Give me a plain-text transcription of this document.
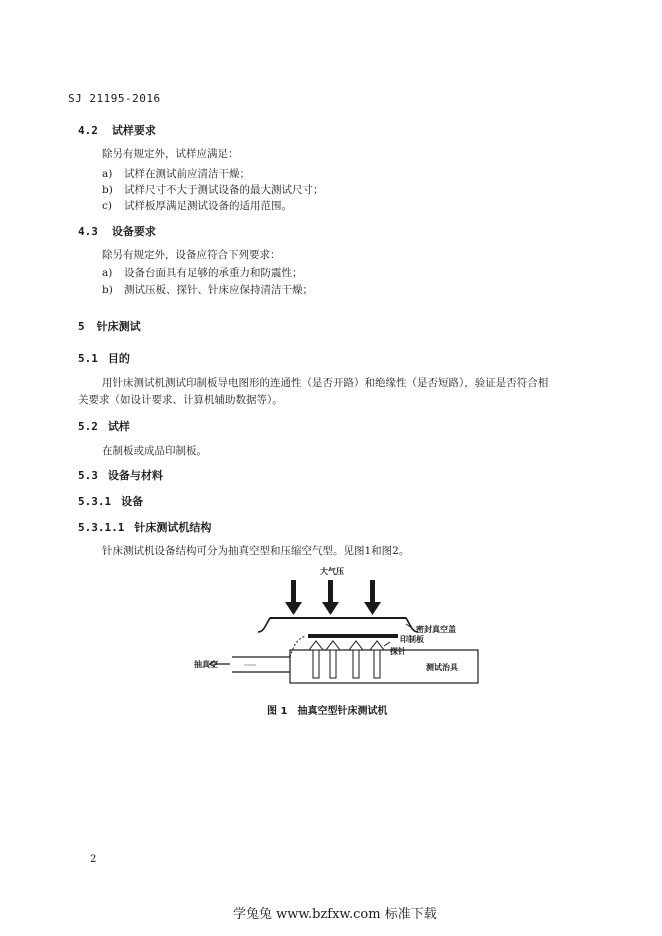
SJ 21195-2016
4.2 试样要求
除另有规定外，试样应满足：
a) 试样在测试前应清洁干燥；
b) 试样尺寸不大于测试设备的最大测试尺寸；
c) 试样板厚满足测试设备的适用范围。
4.3 设备要求
除另有规定外，设备应符合下列要求：
a) 设备台面具有足够的承重力和防震性；
b) 测试压板、探针、针床应保持清洁干燥；
5 针床测试
5.1 目的
用针床测试机测试印制板导电图形的连通性（是否开路）和绝缘性（是否短路），验证是否符合相
关要求（如设计要求、计算机辅助数据等）。
5.2 试样
在制板或成品印制板。
5.3 设备与材料
5.3.1 设备
5.3.1.1 针床测试机结构
针床测试机设备结构可分为抽真空型和压缩空气型。见图1和图2。
大气压
密封真空盖
印制板
测试治具
探针
~~~~
抽真空
图 1 抽真空型针床测试机
2
学兔兔 www.bzfxw.com 标准下载
